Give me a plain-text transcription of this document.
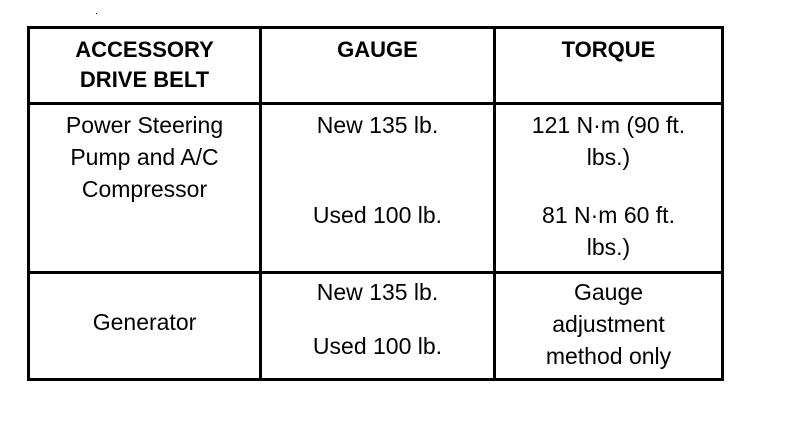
ACCESSORY
DRIVE BELT
GAUGE	TORQUE
Power Steering
Pump and A/C
Compressor
New 135 lb.
Used 100 lb.
121 N·m (90 ft.
lbs.)
81 N·m 60 ft.
lbs.)
Generator
New 135 lb.
Used 100 lb.
Gauge
adjustment
method only
